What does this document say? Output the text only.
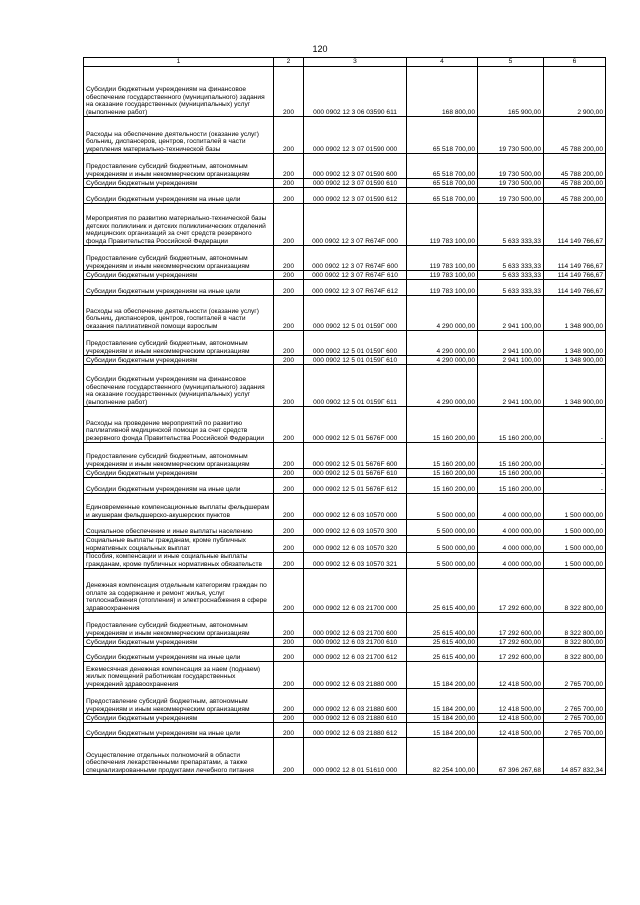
120
1	2	3	4	5	6
Субсидии бюджетным учреждениям на финансовое обеспечение государственного (муниципального) задания на оказание государственных (муниципальных) услуг (выполнение работ)	200	000 0902 12 3 06 03590 611	168 800,00	165 900,00	2 900,00
Расходы на обеспечение деятельности (оказание услуг) больниц, диспансеров, центров, госпиталей в части укрепления материально-технической базы	200	000 0902 12 3 07 01590 000	65 518 700,00	19 730 500,00	45 788 200,00
Предоставление субсидий бюджетным, автономным учреждениям и иным некоммерческим организациям	200	000 0902 12 3 07 01590 600	65 518 700,00	19 730 500,00	45 788 200,00
Субсидии бюджетным учреждениям	200	000 0902 12 3 07 01590 610	65 518 700,00	19 730 500,00	45 788 200,00
Субсидии бюджетным учреждениям на иные цели	200	000 0902 12 3 07 01590 612	65 518 700,00	19 730 500,00	45 788 200,00
Мероприятия по развитию материально-технической базы детских поликлиник и детских поликлинических отделений медицинских организаций за счет средств резервного фонда Правительства Российской Федерации	200	000 0902 12 3 07 R674F 000	119 783 100,00	5 633 333,33	114 149 766,67
Предоставление субсидий бюджетным, автономным учреждениям и иным некоммерческим организациям	200	000 0902 12 3 07 R674F 600	119 783 100,00	5 633 333,33	114 149 766,67
Субсидии бюджетным учреждениям	200	000 0902 12 3 07 R674F 610	119 783 100,00	5 633 333,33	114 149 766,67
Субсидии бюджетным учреждениям на иные цели	200	000 0902 12 3 07 R674F 612	119 783 100,00	5 633 333,33	114 149 766,67
Расходы на обеспечение деятельности (оказание услуг) больниц, диспансеров, центров, госпиталей в части оказания паллиативной помощи взрослым	200	000 0902 12 5 01 0159Г 000	4 290 000,00	2 941 100,00	1 348 900,00
Предоставление субсидий бюджетным, автономным учреждениям и иным некоммерческим организациям	200	000 0902 12 5 01 0159Г 600	4 290 000,00	2 941 100,00	1 348 900,00
Субсидии бюджетным учреждениям	200	000 0902 12 5 01 0159Г 610	4 290 000,00	2 941 100,00	1 348 900,00
Субсидии бюджетным учреждениям на финансовое обеспечение государственного (муниципального) задания на оказание государственных (муниципальных) услуг (выполнение работ)	200	000 0902 12 5 01 0159Г 611	4 290 000,00	2 941 100,00	1 348 900,00
Расходы на проведение мероприятий по развитию паллиативной медицинской помощи за счет средств резервного фонда Правительства Российской Федерации	200	000 0902 12 5 01 5676F 000	15 160 200,00	15 160 200,00	-
Предоставление субсидий бюджетным, автономным учреждениям и иным некоммерческим организациям	200	000 0902 12 5 01 5676F 600	15 160 200,00	15 160 200,00	-
Субсидии бюджетным учреждениям	200	000 0902 12 5 01 5676F 610	15 160 200,00	15 160 200,00	-
Субсидии бюджетным учреждениям на иные цели	200	000 0902 12 5 01 5676F 612	15 160 200,00	15 160 200,00	-
Единовременные компенсационные выплаты фельдшерам и акушерам фельдшерско-акушерских пунктов	200	000 0902 12 6 03 10570 000	5 500 000,00	4 000 000,00	1 500 000,00
Социальное обеспечение и иные выплаты населению	200	000 0902 12 6 03 10570 300	5 500 000,00	4 000 000,00	1 500 000,00
Социальные выплаты гражданам, кроме публичных нормативных социальных выплат	200	000 0902 12 6 03 10570 320	5 500 000,00	4 000 000,00	1 500 000,00
Пособия, компенсации и иные социальные выплаты гражданам, кроме публичных нормативных обязательств	200	000 0902 12 6 03 10570 321	5 500 000,00	4 000 000,00	1 500 000,00
Денежная компенсация отдельным категориям граждан по оплате за содержание и ремонт жилья, услуг теплоснабжения (отопления) и электроснабжения в сфере здравоохранения	200	000 0902 12 6 03 21700 000	25 615 400,00	17 292 600,00	8 322 800,00
Предоставление субсидий бюджетным, автономным учреждениям и иным некоммерческим организациям	200	000 0902 12 6 03 21700 600	25 615 400,00	17 292 600,00	8 322 800,00
Субсидии бюджетным учреждениям	200	000 0902 12 6 03 21700 610	25 615 400,00	17 292 600,00	8 322 800,00
Субсидии бюджетным учреждениям на иные цели	200	000 0902 12 6 03 21700 612	25 615 400,00	17 292 600,00	8 322 800,00
Ежемесячная денежная компенсация за наем (поднаем) жилых помещений работникам государственных учреждений здравоохранения	200	000 0902 12 6 03 21880 000	15 184 200,00	12 418 500,00	2 765 700,00
Предоставление субсидий бюджетным, автономным учреждениям и иным некоммерческим организациям	200	000 0902 12 6 03 21880 600	15 184 200,00	12 418 500,00	2 765 700,00
Субсидии бюджетным учреждениям	200	000 0902 12 6 03 21880 610	15 184 200,00	12 418 500,00	2 765 700,00
Субсидии бюджетным учреждениям на иные цели	200	000 0902 12 6 03 21880 612	15 184 200,00	12 418 500,00	2 765 700,00
Осуществление отдельных полномочий в области обеспечения лекарственными препаратами, а также специализированными продуктами лечебного питания	200	000 0902 12 8 01 51610 000	82 254 100,00	67 396 267,68	14 857 832,34
